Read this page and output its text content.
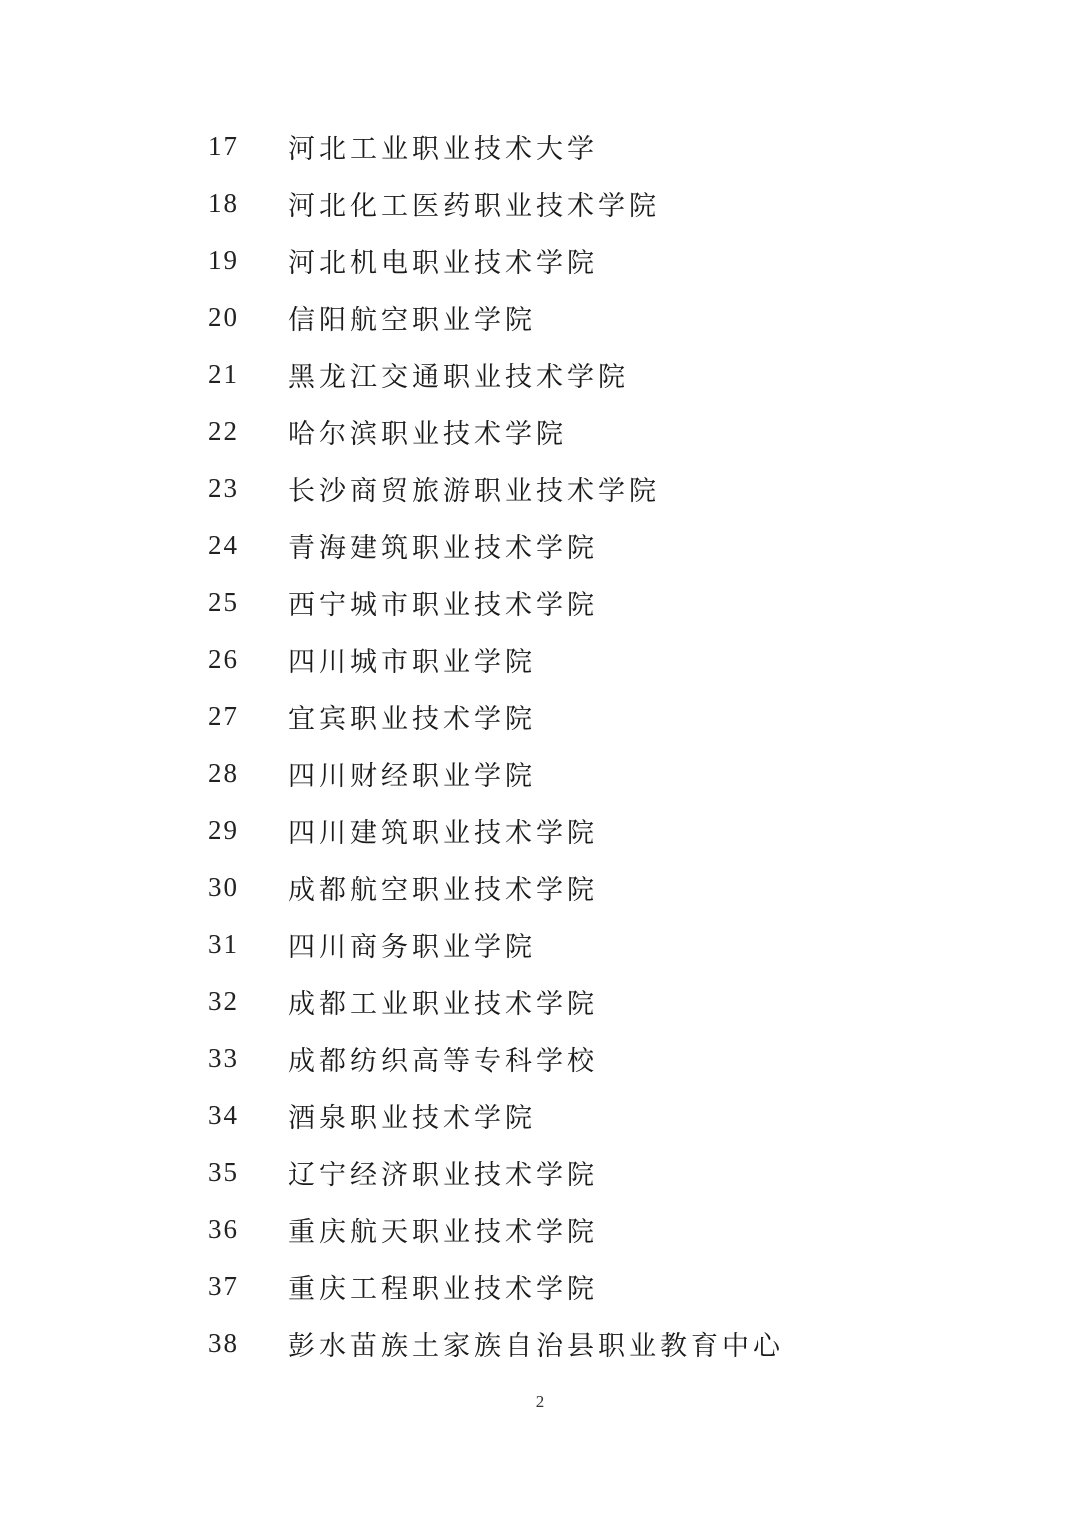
17	河北工业职业技术大学
18	河北化工医药职业技术学院
19	河北机电职业技术学院
20	信阳航空职业学院
21	黑龙江交通职业技术学院
22	哈尔滨职业技术学院
23	长沙商贸旅游职业技术学院
24	青海建筑职业技术学院
25	西宁城市职业技术学院
26	四川城市职业学院
27	宜宾职业技术学院
28	四川财经职业学院
29	四川建筑职业技术学院
30	成都航空职业技术学院
31	四川商务职业学院
32	成都工业职业技术学院
33	成都纺织高等专科学校
34	酒泉职业技术学院
35	辽宁经济职业技术学院
36	重庆航天职业技术学院
37	重庆工程职业技术学院
38	彭水苗族土家族自治县职业教育中心
2
